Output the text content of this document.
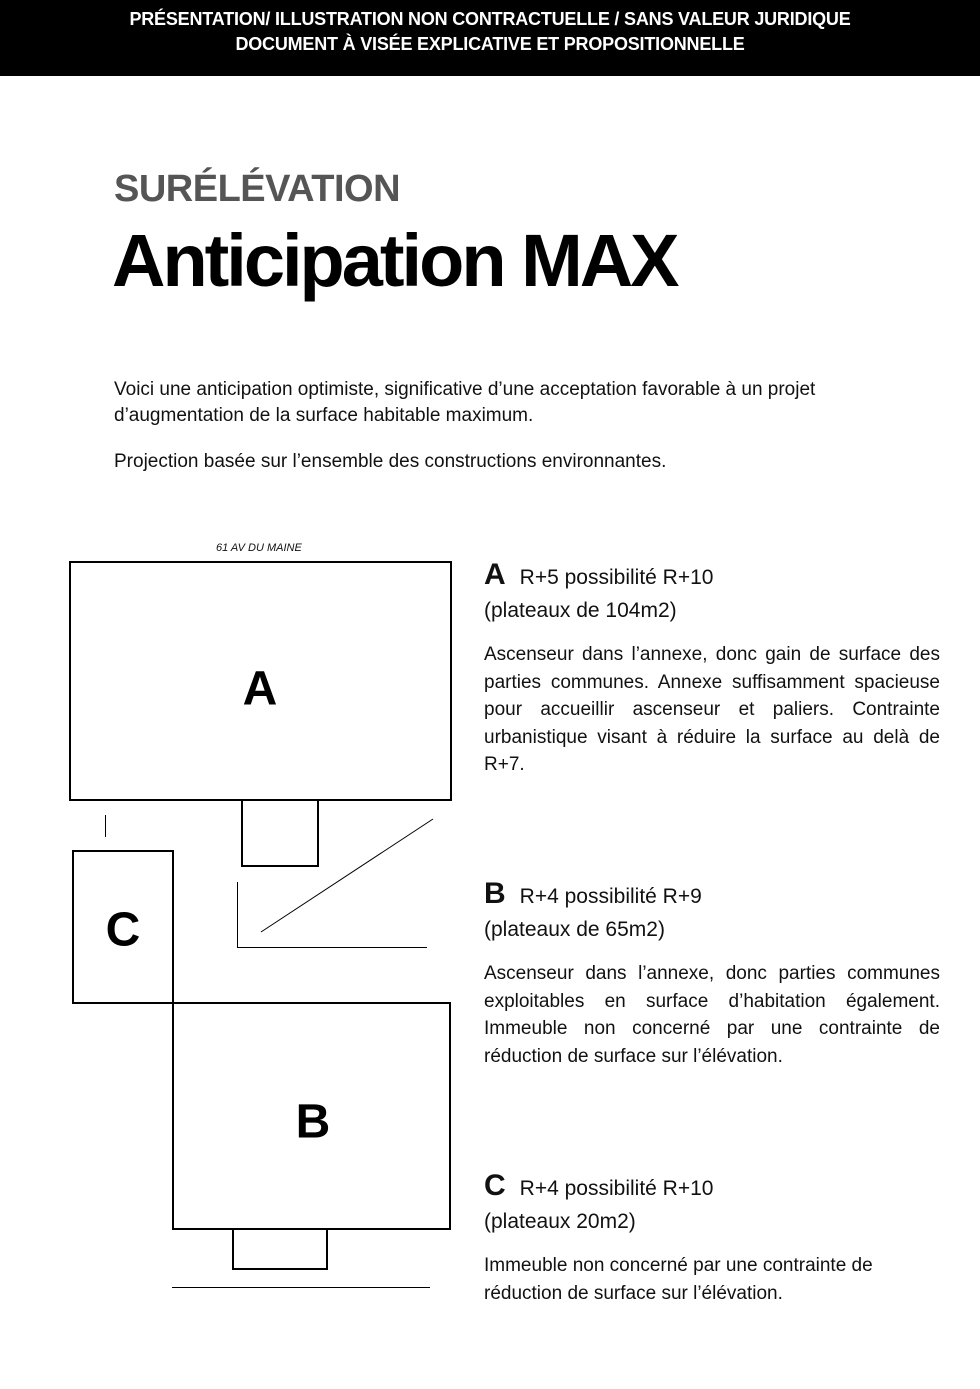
PRÉSENTATION/ ILLUSTRATION NON CONTRACTUELLE / SANS VALEUR JURIDIQUE
DOCUMENT À VISÉE EXPLICATIVE ET PROPOSITIONNELLE
SURÉLÉVATION
Anticipation MAX

Voici une anticipation optimiste, significative d’une acceptation favorable à un projet d’augmentation de la surface habitable maximum.

Projection basée sur l’ensemble des constructions environnantes.

61 AV DU MAINE
A
C
B
A R+5 possibilité R+10
(plateaux de 104m2)
Ascenseur dans l’annexe, donc gain de surface des parties communes. Annexe suffisamment spacieuse pour accueillir ascenseur et paliers. Contrainte urbanistique visant à réduire la surface au delà de R+7.
B R+4 possibilité R+9
(plateaux de 65m2)
Ascenseur dans l’annexe, donc parties communes exploitables en surface d’habitation également. Immeuble non concerné par une contrainte de réduction de surface sur l’élévation.
C R+4 possibilité R+10
(plateaux 20m2)
Immeuble non concerné par une contrainte de réduction de surface sur l’élévation.
